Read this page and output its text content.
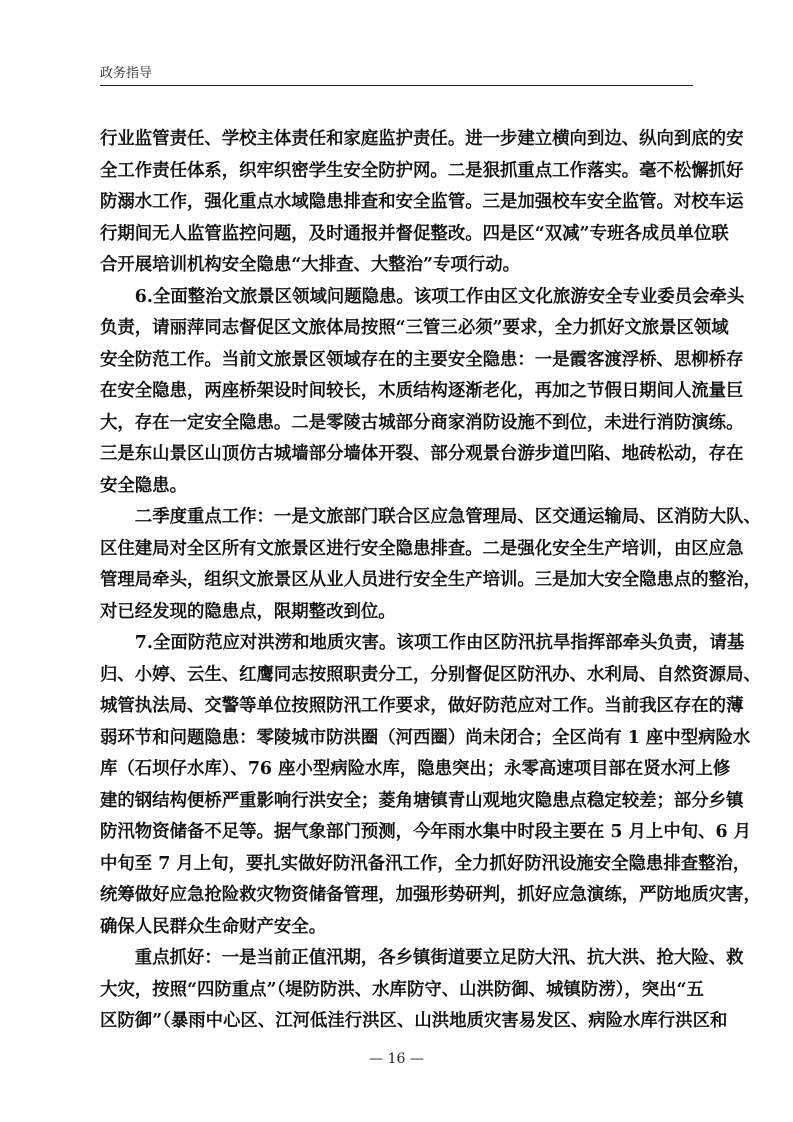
政务指导

行业监管责任、学校主体责任和家庭监护责任。进一步建立横向到边、纵向到底的安
全工作责任体系，织牢织密学生安全防护网。二是狠抓重点工作落实。毫不松懈抓好
防溺水工作，强化重点水域隐患排查和安全监管。三是加强校车安全监管。对校车运
行期间无人监管监控问题，及时通报并督促整改。四是区“双减”专班各成员单位联
合开展培训机构安全隐患“大排查、大整治”专项行动。

6.全面整治文旅景区领域问题隐患。该项工作由区文化旅游安全专业委员会牵头
负责，请丽萍同志督促区文旅体局按照“三管三必须”要求，全力抓好文旅景区领域
安全防范工作。当前文旅景区领域存在的主要安全隐患：一是霞客渡浮桥、思柳桥存
在安全隐患，两座桥架设时间较长，木质结构逐渐老化，再加之节假日期间人流量巨
大，存在一定安全隐患。二是零陵古城部分商家消防设施不到位，未进行消防演练。
三是东山景区山顶仿古城墙部分墙体开裂、部分观景台游步道凹陷、地砖松动，存在
安全隐患。

二季度重点工作：一是文旅部门联合区应急管理局、区交通运输局、区消防大队、
区住建局对全区所有文旅景区进行安全隐患排查。二是强化安全生产培训，由区应急
管理局牵头，组织文旅景区从业人员进行安全生产培训。三是加大安全隐患点的整治，
对已经发现的隐患点，限期整改到位。

7.全面防范应对洪涝和地质灾害。该项工作由区防汛抗旱指挥部牵头负责，请基
归、小婷、云生、红鹰同志按照职责分工，分别督促区防汛办、水利局、自然资源局、
城管执法局、交警等单位按照防汛工作要求，做好防范应对工作。当前我区存在的薄
弱环节和问题隐患：零陵城市防洪圈（河西圈）尚未闭合；全区尚有 1 座中型病险水
库（石坝仔水库）、76 座小型病险水库，隐患突出；永零高速项目部在贤水河上修
建的钢结构便桥严重影响行洪安全；菱角塘镇青山观地灾隐患点稳定较差；部分乡镇
防汛物资储备不足等。据气象部门预测，今年雨水集中时段主要在 5 月上中旬、6 月
中旬至 7 月上旬，要扎实做好防汛备汛工作，全力抓好防汛设施安全隐患排查整治，
统筹做好应急抢险救灾物资储备管理，加强形势研判，抓好应急演练，严防地质灾害，
确保人民群众生命财产安全。

重点抓好：一是当前正值汛期，各乡镇街道要立足防大汛、抗大洪、抢大险、救
大灾，按照“四防重点”（堤防防洪、水库防守、山洪防御、城镇防涝），突出“五
区防御”（暴雨中心区、江河低洼行洪区、山洪地质灾害易发区、病险水库行洪区和

— 16 —
